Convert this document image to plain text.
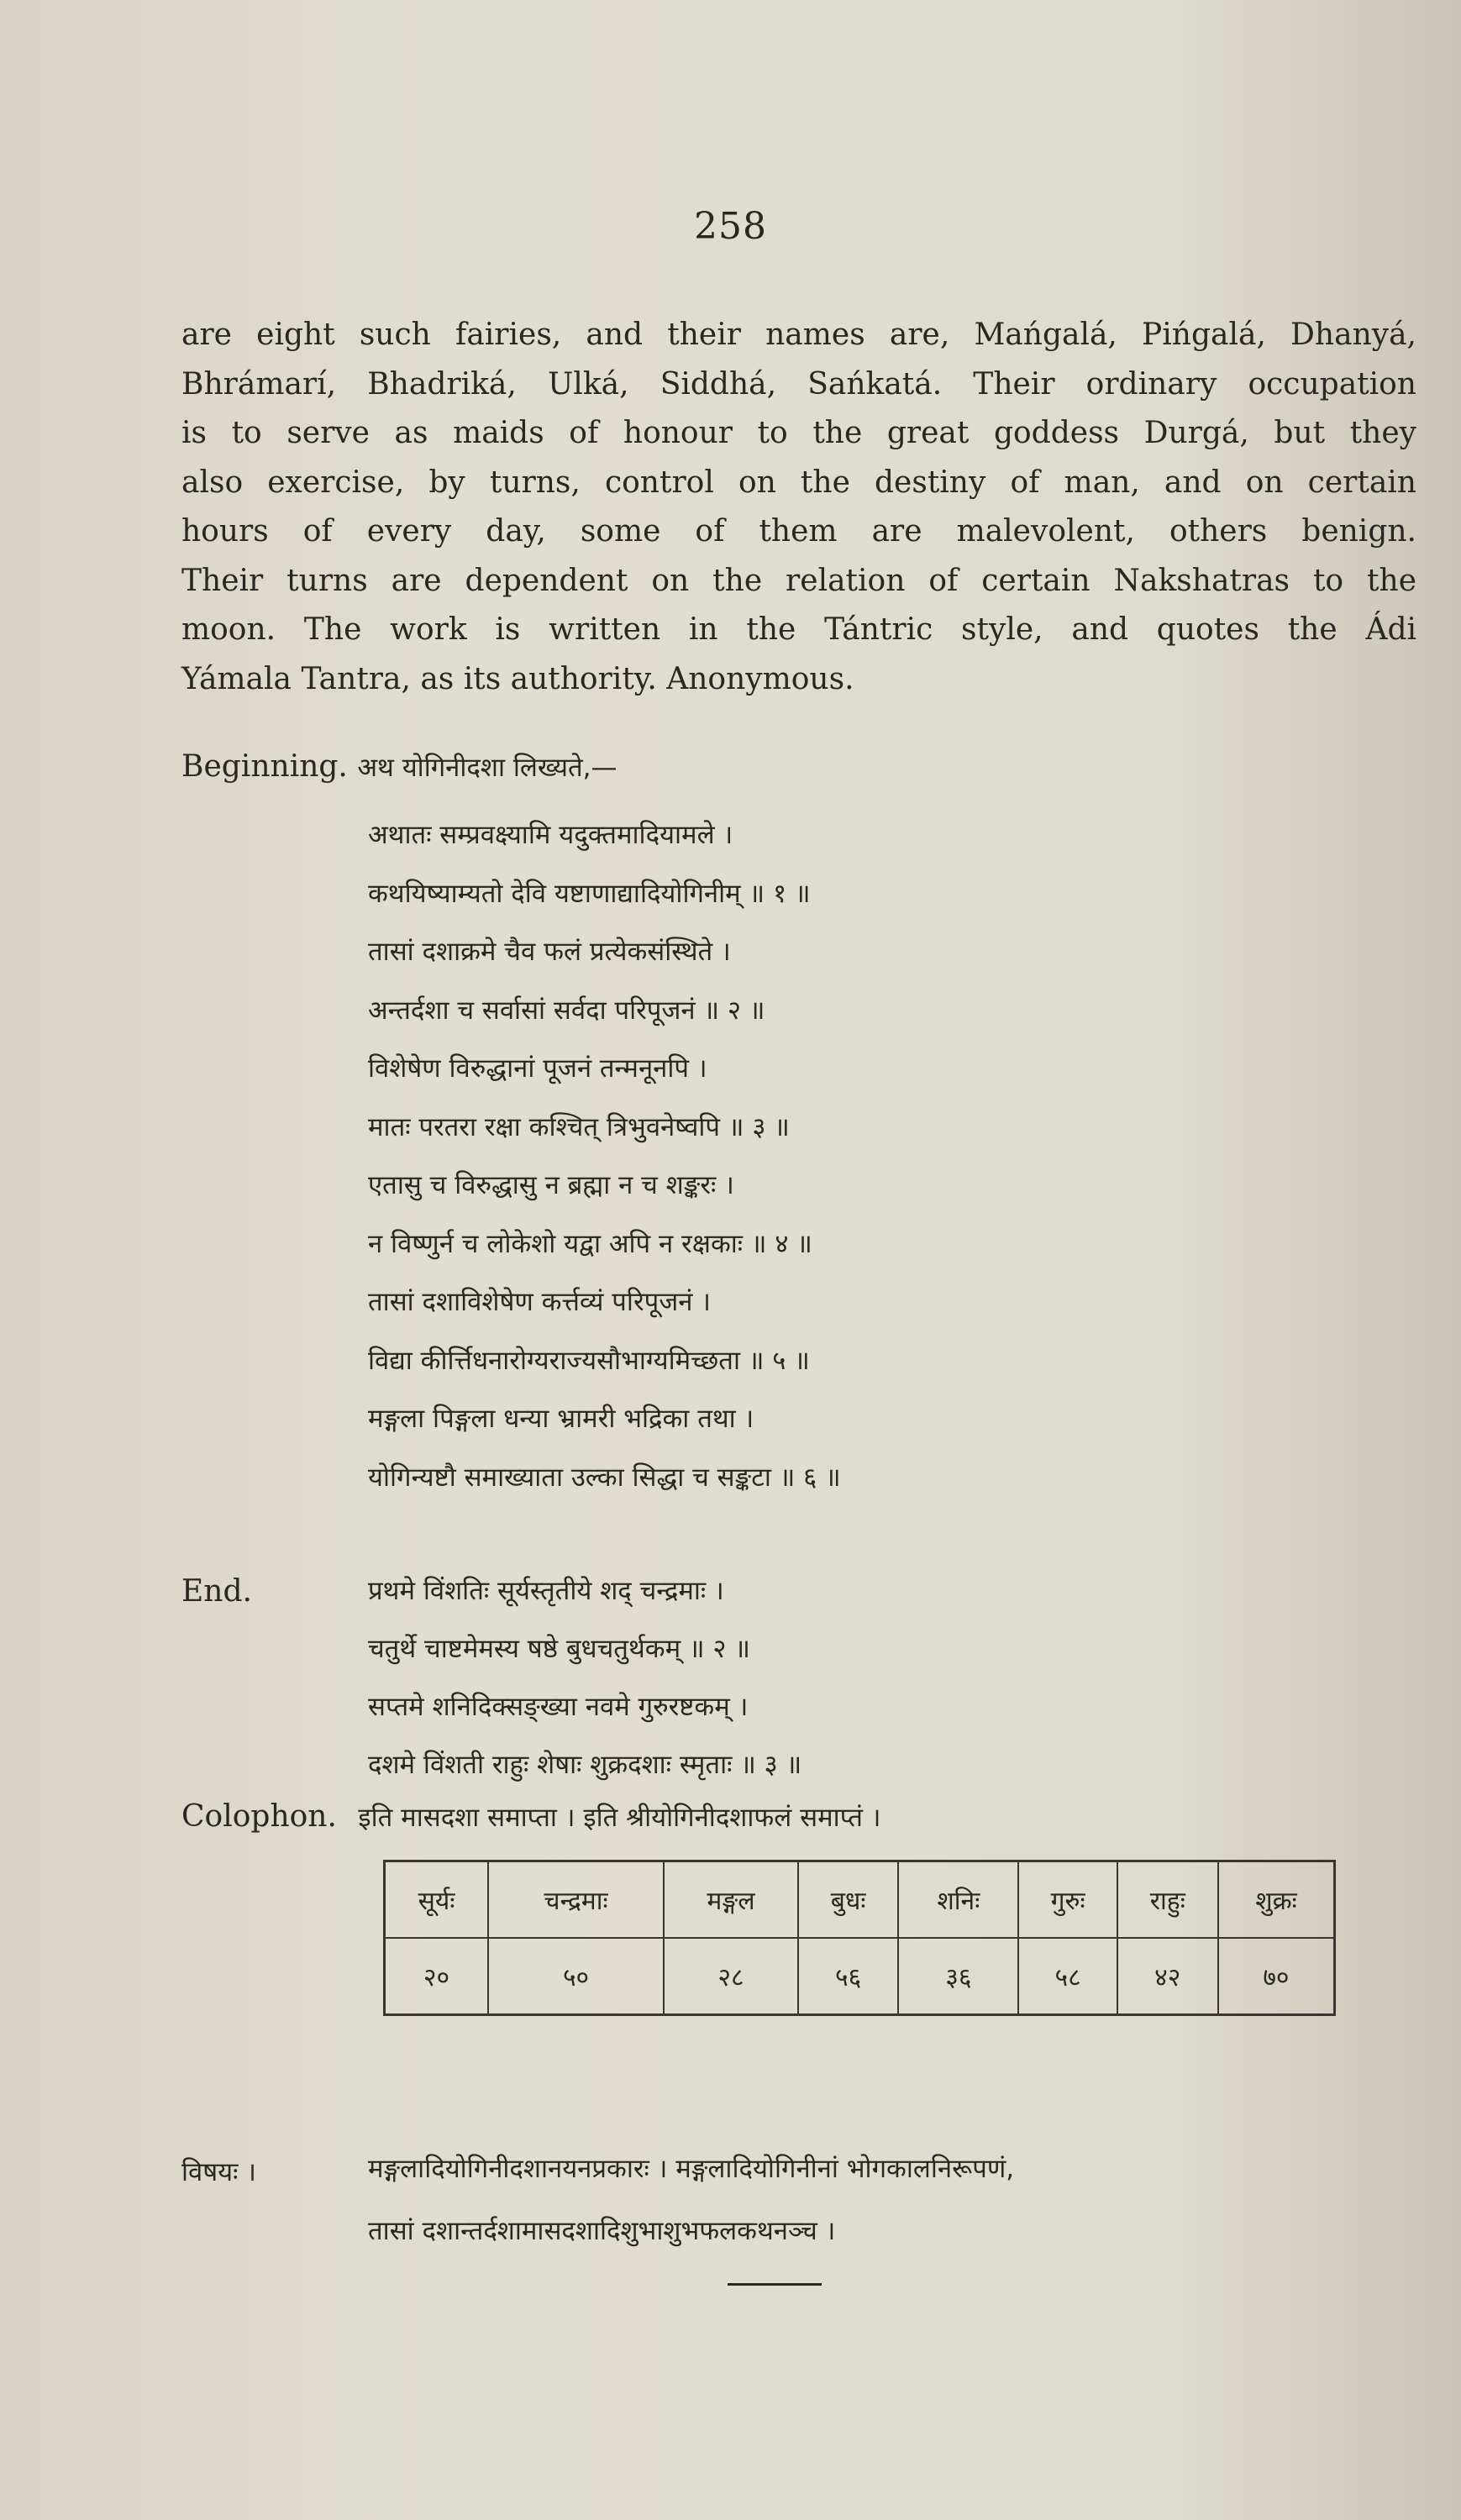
258
are eight such fairies, and their names are, Mańgalá, Pińgalá, Dhanyá,
Bhrámarí, Bhadriká, Ulká, Siddhá, Sańkatá. Their ordinary occupation
is to serve as maids of honour to the great goddess Durgá, but they
also exercise, by turns, control on the destiny of man, and on certain
hours of every day, some of them are malevolent, others benign.
Their turns are dependent on the relation of certain Nakshatras to the
moon. The work is written in the Tántric style, and quotes the Ádi
Yámala Tantra, as its authority. Anonymous.
Beginning. अथ योगिनीदशा लिख्यते,—
अथातः सम्प्रवक्ष्यामि यदुक्तमादियामले ।
कथयिष्याम्यतो देवि यष्टाणाद्यादियोगिनीम् ॥ १ ॥
तासां दशाक्रमे चैव फलं प्रत्येकसंस्थिते ।
अन्तर्दशा च सर्वासां सर्वदा परिपूजनं ॥ २ ॥
विशेषेण विरुद्धानां पूजनं तन्मनूनपि ।
मातः परतरा रक्षा कश्चित् त्रिभुवनेष्वपि ॥ ३ ॥
एतासु च विरुद्धासु न ब्रह्मा न च शङ्करः ।
न विष्णुर्न च लोकेशो यद्वा अपि न रक्षकाः ॥ ४ ॥
तासां दशाविशेषेण कर्त्तव्यं परिपूजनं ।
विद्या कीर्त्तिधनारोग्यराज्यसौभाग्यमिच्छता ॥ ५ ॥
मङ्गला पिङ्गला धन्या भ्रामरी भद्रिका तथा ।
योगिन्यष्टौ समाख्याता उल्का सिद्धा च सङ्कटा ॥ ६ ॥
End.	प्रथमे विंशतिः सूर्यस्तृतीये शद् चन्द्रमाः ।
चतुर्थे चाष्टमेमस्य षष्ठे बुधचतुर्थकम् ॥ २ ॥
सप्तमे शनिदिक्सङ्ख्या नवमे गुरुरष्टकम् ।
दशमे विंशती राहुः शेषाः शुक्रदशाः स्मृताः ॥ ३ ॥
Colophon. इति मासदशा समाप्ता । इति श्रीयोगिनीदशाफलं समाप्तं ।
सूर्यः	चन्द्रमाः	मङ्गल	बुधः	शनिः	गुरुः	राहुः	शुक्रः
२०	५०	२८	५६	३६	५८	४२	७०
विषयः ।	मङ्गलादियोगिनीदशानयनप्रकारः । मङ्गलादियोगिनीनां भोगकालनिरूपणं,
तासां दशान्तर्दशामासदशादिशुभाशुभफलकथनञ्च ।
